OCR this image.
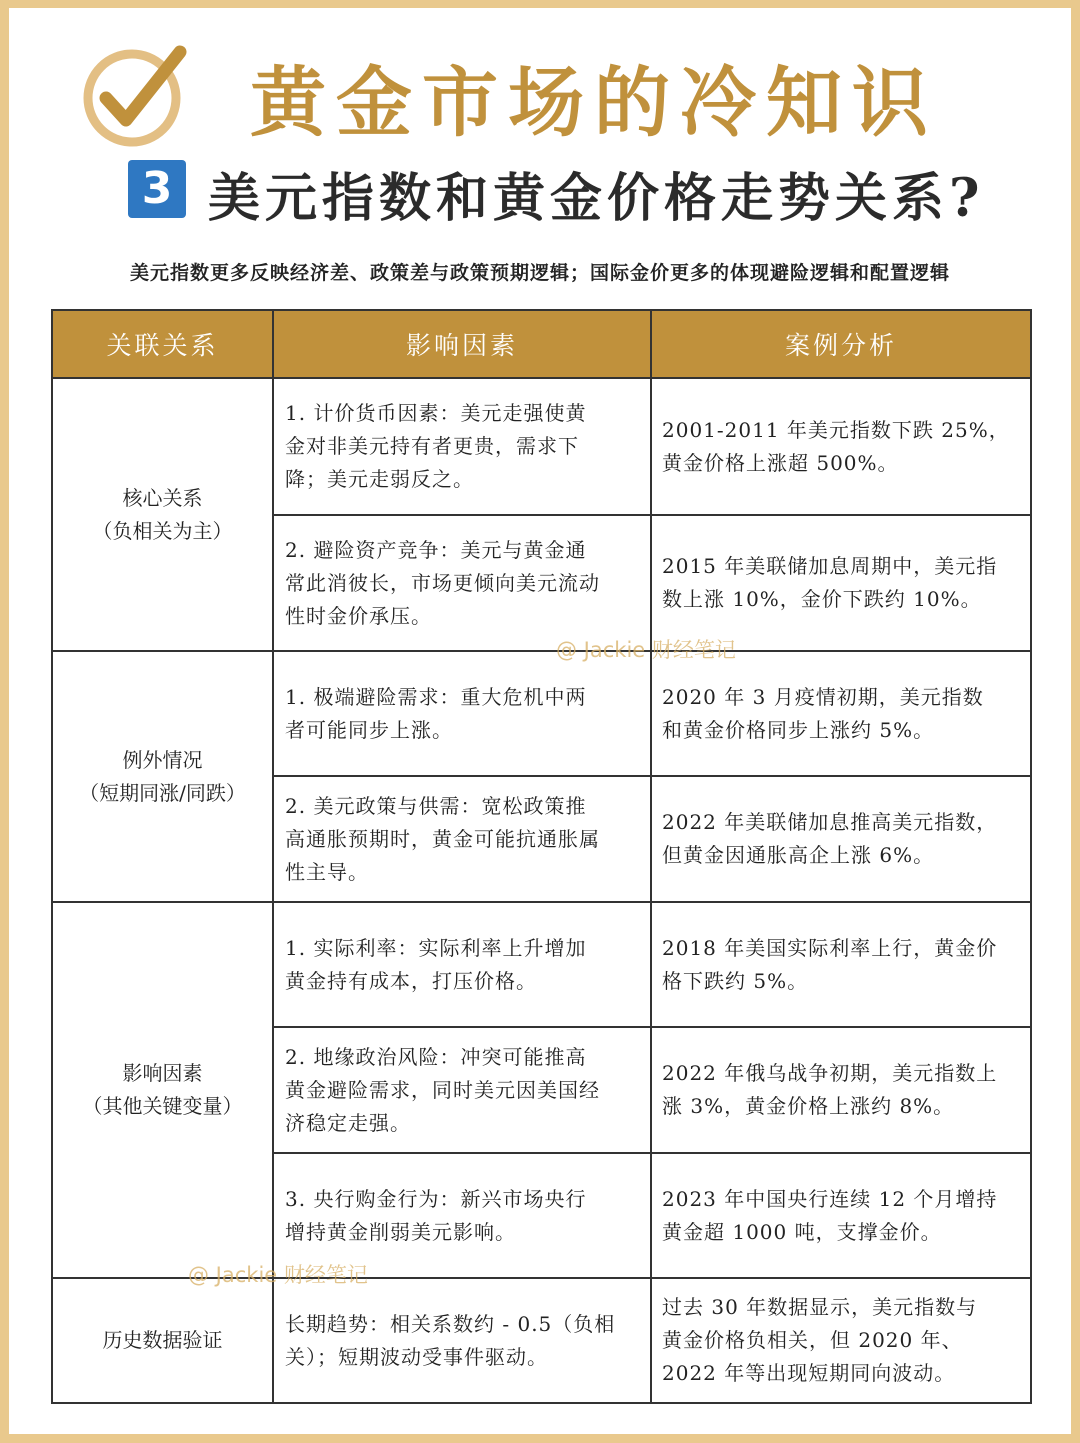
黄金市场的冷知识
3 美元指数和黄金价格走势关系?
美元指数更多反映经济差、政策差与政策预期逻辑；国际金价更多的体现避险逻辑和配置逻辑
关联关系	影响因素	案例分析

核心关系
（负相关为主）	1. 计价货币因素：美元走强使黄
金对非美元持有者更贵，需求下
降；美元走弱反之。	2001-2011 年美元指数下跌 25%，
黄金价格上涨超 500%。

	2. 避险资产竞争：美元与黄金通
常此消彼长，市场更倾向美元流动
性时金价承压。	2015 年美联储加息周期中，美元指
数上涨 10%，金价下跌约 10%。

例外情况
（短期同涨/同跌）	1. 极端避险需求：重大危机中两
者可能同步上涨。	2020 年 3 月疫情初期，美元指数
和黄金价格同步上涨约 5%。

	2. 美元政策与供需：宽松政策推
高通胀预期时，黄金可能抗通胀属
性主导。	2022 年美联储加息推高美元指数，
但黄金因通胀高企上涨 6%。

影响因素
（其他关键变量）	1. 实际利率：实际利率上升增加
黄金持有成本，打压价格。	2018 年美国实际利率上行，黄金价
格下跌约 5%。

	2. 地缘政治风险：冲突可能推高
黄金避险需求，同时美元因美国经
济稳定走强。	2022 年俄乌战争初期，美元指数上
涨 3%，黄金价格上涨约 8%。

	3. 央行购金行为：新兴市场央行
增持黄金削弱美元影响。	2023 年中国央行连续 12 个月增持
黄金超 1000 吨，支撑金价。

历史数据验证	长期趋势：相关系数约 - 0.5（负相
关）；短期波动受事件驱动。	过去 30 年数据显示，美元指数与
黄金价格负相关，但 2020 年、
2022 年等出现短期同向波动。
@ Jackie 财经笔记
@ Jackie 财经笔记
